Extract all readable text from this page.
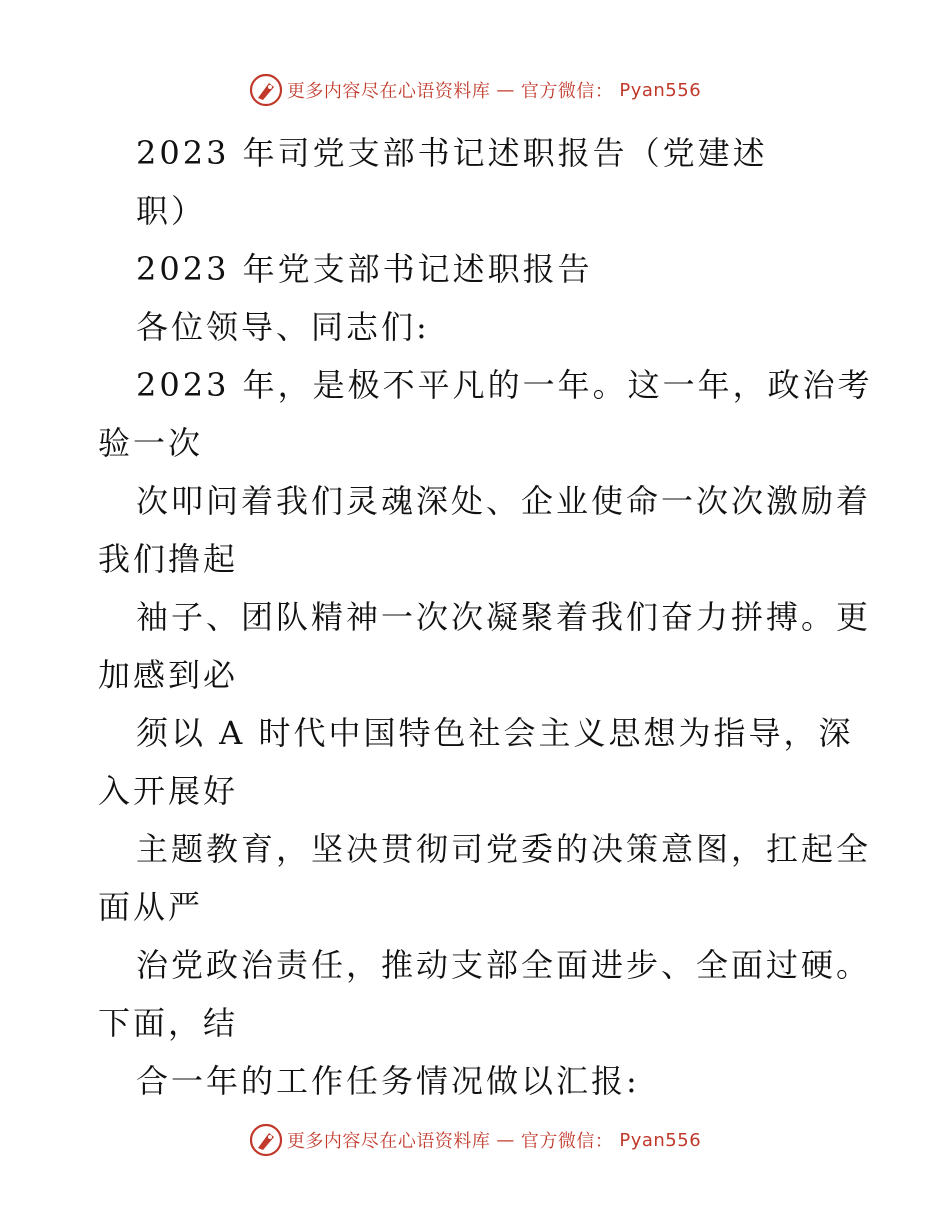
更多内容尽在心语资料库 — 官方微信： Pyan556
2023 年司党支部书记述职报告（党建述
职）
2023 年党支部书记述职报告
各位领导、同志们:
2023 年，是极不平凡的一年。这一年，政治考
验一次
次叩问着我们灵魂深处、企业使命一次次激励着
我们撸起
袖子、团队精神一次次凝聚着我们奋力拼搏。更
加感到必
须以 A 时代中国特色社会主义思想为指导，深
入开展好
主题教育，坚决贯彻司党委的决策意图，扛起全
面从严
治党政治责任，推动支部全面进步、全面过硬。
下面，结
合一年的工作任务情况做以汇报:
更多内容尽在心语资料库 — 官方微信： Pyan556
